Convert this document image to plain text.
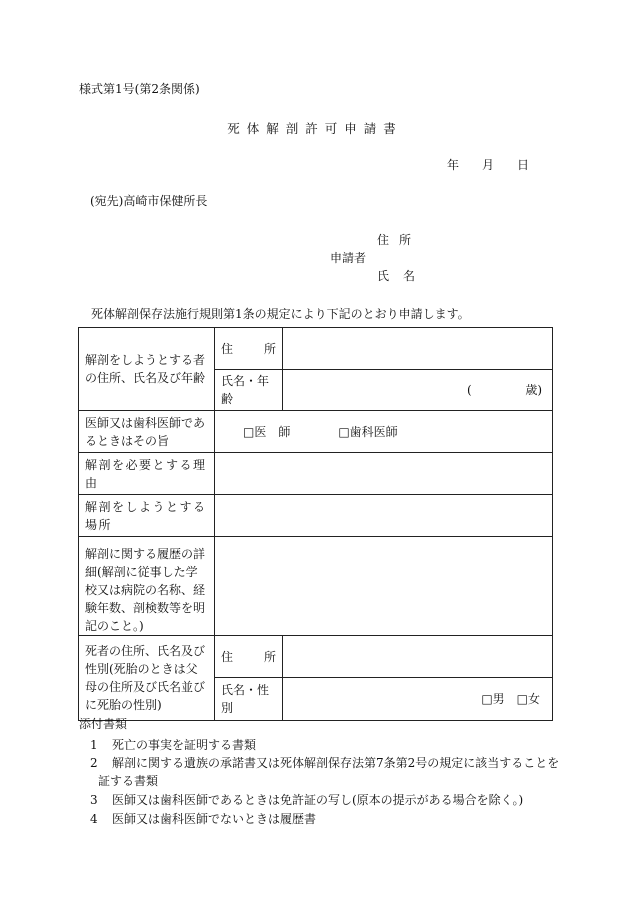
様式第1号(第2条関係)
死体解剖許可申請書
年 月 日
(宛先)高崎市保健所長
住所
申請者
氏名
死体解剖保存法施行規則第1条の規定により下記のとおり申請します。
解剖をしようとする者の住所、氏名及び年齢	住 所	

	氏名・年齢	( 歳)

医師又は歯科医師であるときはその旨	□医　師 □歯科医師	
解剖を必要とする理由		
解剖をしようとする場所		
解剖に関する履歴の詳細(解剖に従事した学校又は病院の名称、経験年数、剖検数等を明記のこと。)		
死者の住所、氏名及び性別(死胎のときは父母の住所及び氏名並びに死胎の性別)	住 所	

	氏名・性別	□男　□女
添付書類
1 死亡の事実を証明する書類
2 解剖に関する遺族の承諾書又は死体解剖保存法第7条第2号の規定に該当することを
証する書類
3 医師又は歯科医師であるときは免許証の写し(原本の提示がある場合を除く。)
4 医師又は歯科医師でないときは履歴書
